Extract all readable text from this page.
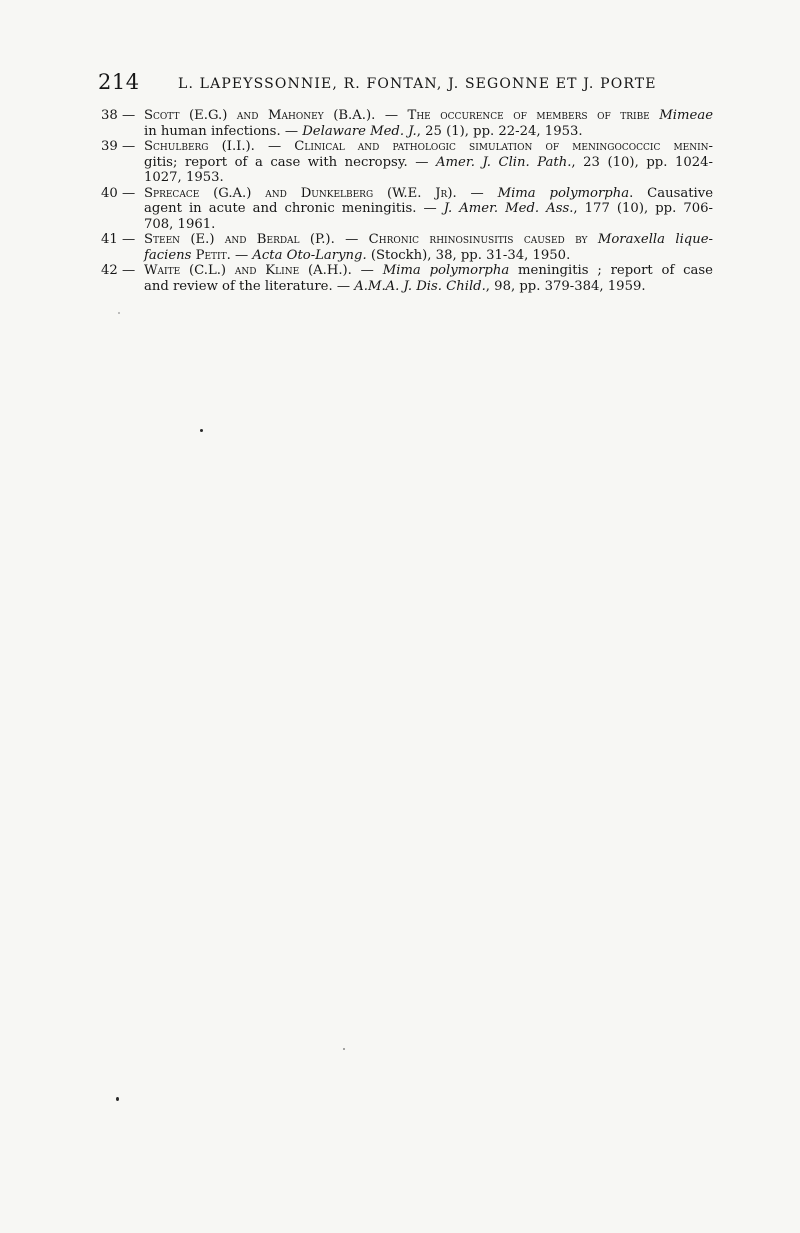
214	L. LAPEYSSONNIE, R. FONTAN, J. SEGONNE ET J. PORTE

38 — Scott (E.G.) and Mahoney (B.A.). — The occurence of members of tribe Mimeae
in human infections. — Delaware Med. J., 25 (1), pp. 22-24, 1953.

39 — Schulberg (I.I.). — Clinical and pathologic simulation of meningococcic menin-
gitis; report of a case with necropsy. — Amer. J. Clin. Path., 23 (10), pp. 1024-
1027, 1953.

40 — Sprecace (G.A.) and Dunkelberg (W.E. Jr). — Mima polymorpha. Causative
agent in acute and chronic meningitis. — J. Amer. Med. Ass., 177 (10), pp. 706-
708, 1961.

41 — Steen (E.) and Berdal (P.). — Chronic rhinosinusitis caused by Moraxella lique-
faciens Petit. — Acta Oto-Laryng. (Stockh), 38, pp. 31-34, 1950.

42 — Waite (C.L.) and Kline (A.H.). — Mima polymorpha meningitis ; report of case
and review of the literature. — A.M.A. J. Dis. Child., 98, pp. 379-384, 1959.
